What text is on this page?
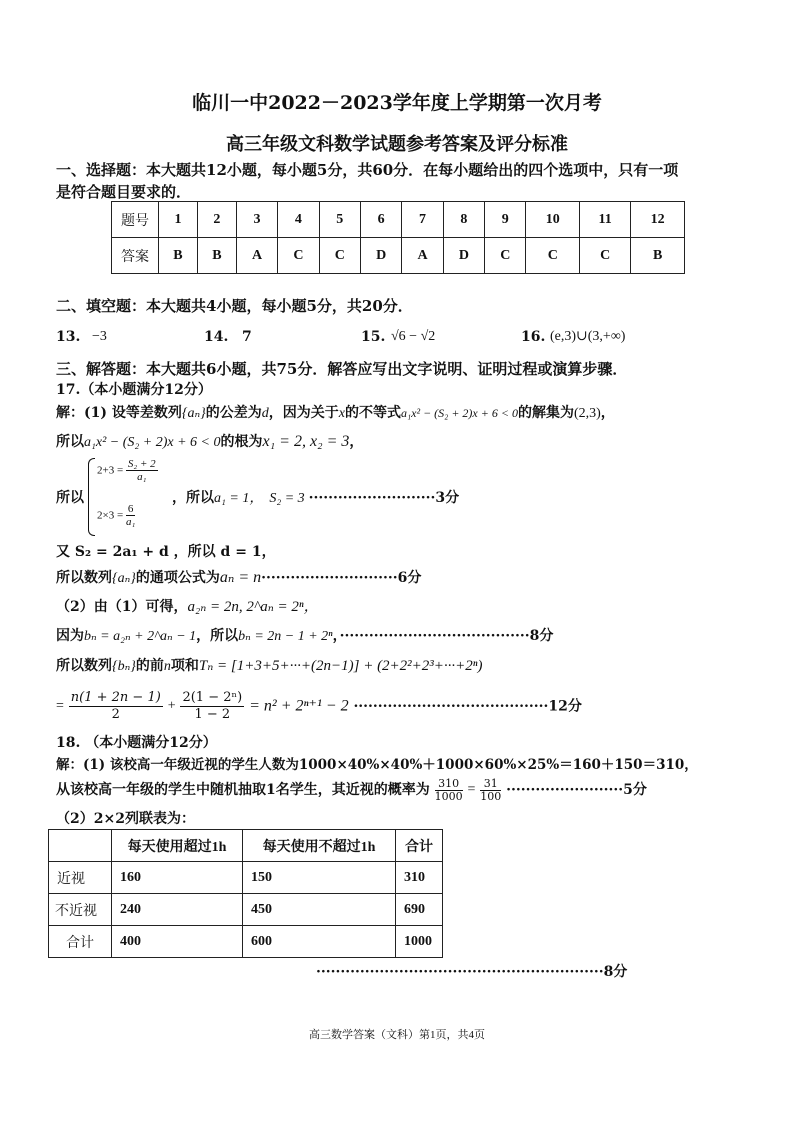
临川一中2022－2023学年度上学期第一次月考
高三年级文科数学试题参考答案及评分标准
一、选择题：本大题共12小题，每小题5分，共60分．在每小题给出的四个选项中，只有一项
是符合题目要求的．
题号	1	2	3	4	5	6	7	8	9	10	11	12
答案	B	B	A	C	C	D	A	D	C	C	C	B
二、填空题：本大题共4小题，每小题5分，共20分．
13. −3	14. 7	15. √6 − √2	16. (e,3)∪(3,+∞)
三、解答题：本大题共6小题，共75分．解答应写出文字说明、证明过程或演算步骤．
17.（本小题满分12分）
解：(1) 设等差数列{aₙ}的公差为d，因为关于x的不等式a₁x² − (S₂ + 2)x + 6 < 0的解集为(2,3)，
所以a₁x² − (S₂ + 2)x + 6 < 0的根为x₁ = 2, x₂ = 3，
所以
$2+3 = \frac{\text{S₂ + 2}}{\text{a₁}}$
$2\times 3 = \frac{6}{\text{a₁}}$
，所以a₁ = 1， S₂ = 3 ··························3分
又 S₂ = 2a₁ + d ，所以 d = 1，
所以数列{aₙ}的通项公式为aₙ = n····························6分
（2）由（1）可得，a₂ₙ = 2n, 2^aₙ = 2ⁿ，
因为bₙ = a₂ₙ + 2^aₙ − 1，所以bₙ = 2n − 1 + 2ⁿ，·······································8分
所以数列{bₙ}的前n项和Tₙ = [1+3+5+···+(2n−1)] + (2+2²+2³+···+2ⁿ)
= $\frac{n(1 + 2n - 1)}{2} + \frac{\text{2(1 − 2ⁿ)}}{1 - 2} = n^2 + 2^{n+1} - 2 \cdot\cdot\cdot\cdot\cdot\cdot\cdot\cdot\cdot\cdot\cdot\cdot\cdot\cdot\cdot\cdot\cdot\cdot\cdot\cdot\cdot\cdot\cdot\cdot\cdot\cdot\cdot\cdot\cdot\cdot\cdot\cdot\cdot\cdot\cdot\cdot\cdot\cdot\cdot\cdot 12$分
18. （本小题满分12分）
解：(1) 该校高一年级近视的学生人数为1000×40%×40%＋1000×60%×25%＝160＋150＝310，
从该校高一年级的学生中随机抽取1名学生，其近视的概率为 $\frac{310}{1000} = \frac{31}{100} \cdot\cdot\cdot\cdot\cdot\cdot\cdot\cdot\cdot\cdot\cdot\cdot\cdot\cdot\cdot\cdot\cdot\cdot\cdot\cdot\cdot\cdot\cdot\cdot 5$分
（2）2×2列联表为：
	每天使用超过1h	每天使用不超过1h	合计
近视	160	150	310
不近视	240	450	690
合计	400	600	1000
···························································8分
高三数学答案（文科）第1页，共4页
